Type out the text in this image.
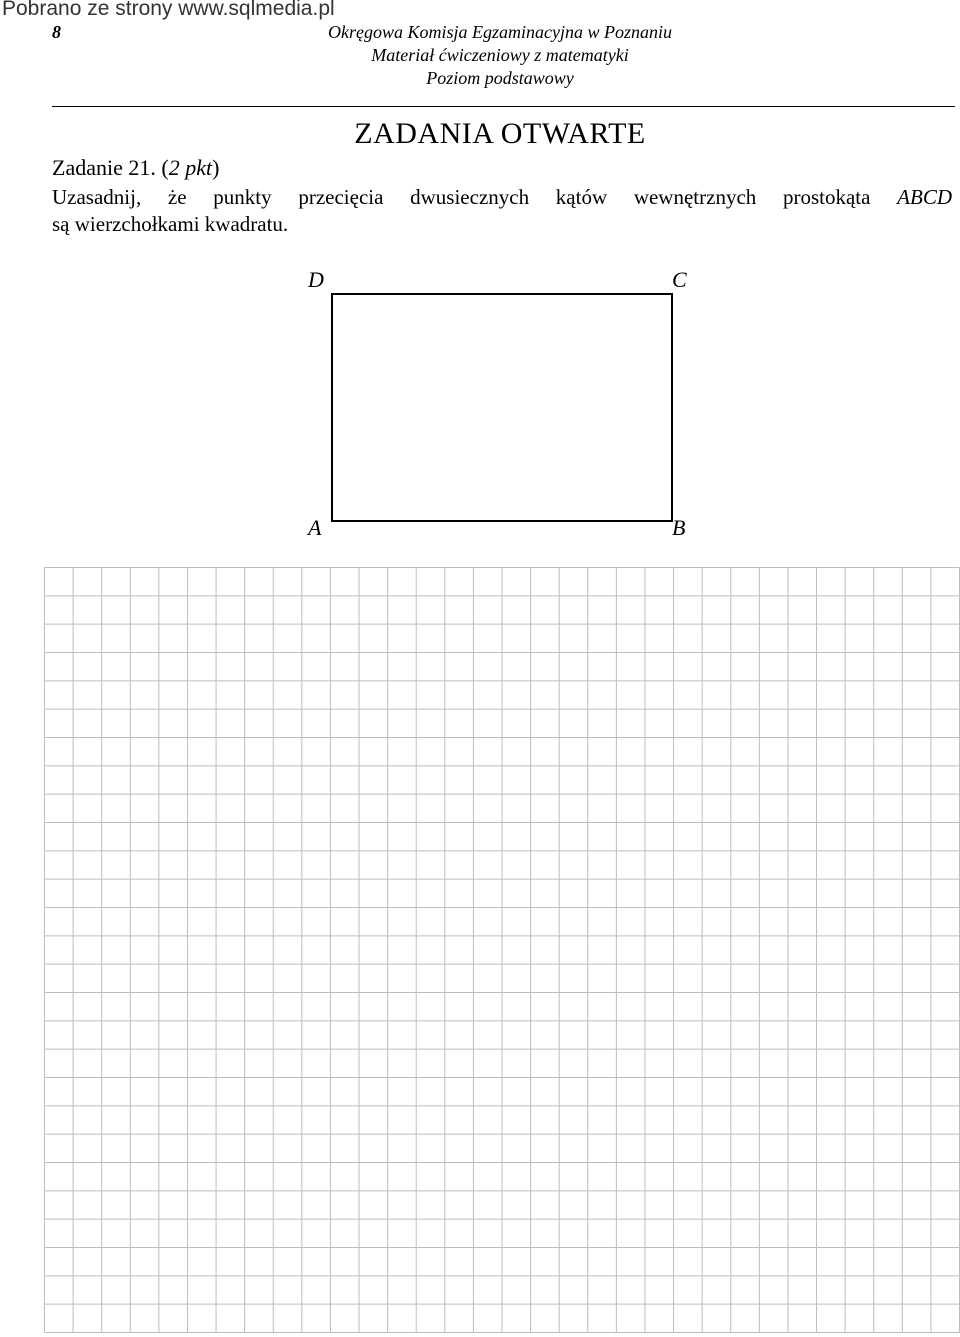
Pobrano ze strony www.sqlmedia.pl
8	Okręgowa Komisja Egzaminacyjna w Poznaniu
Materiał ćwiczeniowy z matematyki
Poziom podstawowy
ZADANIA OTWARTE
Zadanie 21. (2 pkt)
Uzasadnij, że punkty przecięcia dwusiecznych kątów wewnętrznych prostokąta ABCD
są wierzchołkami kwadratu.
D	C
A	B
